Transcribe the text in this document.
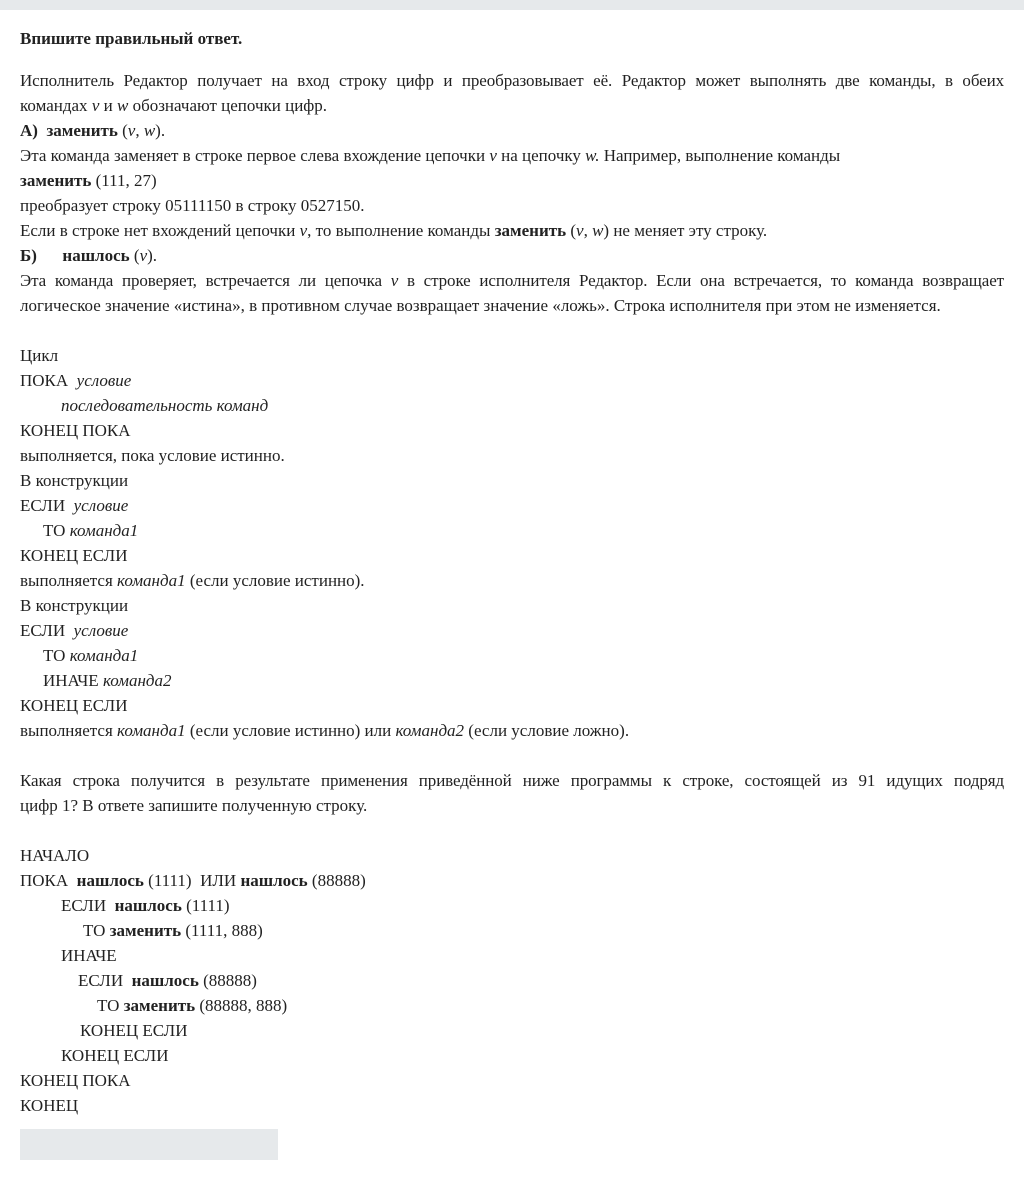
Впишите правильный ответ.
Исполнитель Редактор получает на вход строку цифр и преобразовывает её. Редактор может выполнять две команды, в обеих
командах v и w обозначают цепочки цифр.
А) заменить (v, w).
Эта команда заменяет в строке первое слева вхождение цепочки v на цепочку w. Например, выполнение команды
заменить (111, 27)
преобразует строку 05111150 в строку 0527150.
Если в строке нет вхождений цепочки v, то выполнение команды заменить (v, w) не меняет эту строку.
Б) нашлось (v).
Эта команда проверяет, встречается ли цепочка v в строке исполнителя Редактор. Если она встречается, то команда возвращает
логическое значение «истина», в противном случае возвращает значение «ложь». Строка исполнителя при этом не изменяется.
Цикл
ПОКА условие
последовательность команд
КОНЕЦ ПОКА
выполняется, пока условие истинно.
В конструкции
ЕСЛИ условие
ТО команда1
КОНЕЦ ЕСЛИ
выполняется команда1 (если условие истинно).
В конструкции
ЕСЛИ условие
ТО команда1
ИНАЧЕ команда2
КОНЕЦ ЕСЛИ
выполняется команда1 (если условие истинно) или команда2 (если условие ложно).
Какая строка получится в результате применения приведённой ниже программы к строке, состоящей из 91 идущих подряд
цифр 1? В ответе запишите полученную строку.
НАЧАЛО
ПОКА нашлось (1111)  ИЛИ нашлось (88888)
ЕСЛИ нашлось (1111)
ТО заменить (1111, 888)
ИНАЧЕ
ЕСЛИ нашлось (88888)
ТО заменить (88888, 888)
КОНЕЦ ЕСЛИ
КОНЕЦ ЕСЛИ
КОНЕЦ ПОКА
КОНЕЦ
